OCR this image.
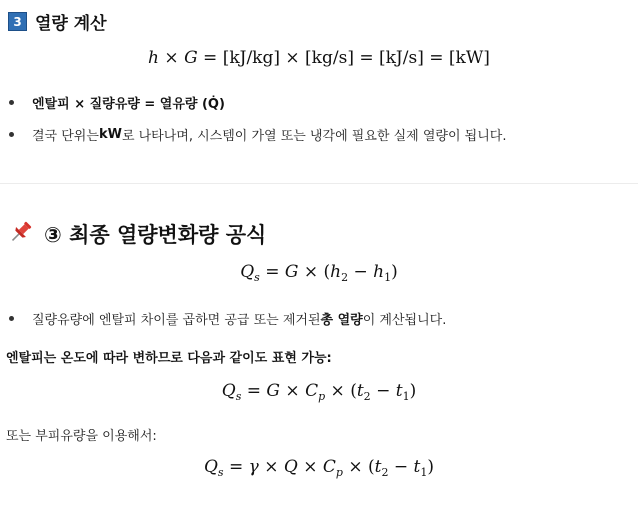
3 열량 계산
h × G = [kJ/kg] × [kg/s] = [kJ/s] = [kW]
엔탈피 × 질량유량 = 열유량 (Q̇)
결국 단위는 kW 로 나타나며, 시스템이 가열 또는 냉각에 필요한 실제 열량이 됩니다.
③ 최종 열량변화량 공식
$Q_s = G \times (h_2 - h_1)$
질량유량에 엔탈피 차이를 곱하면 공급 또는 제거된 총 열량 이 계산됩니다.
엔탈피는 온도에 따라 변하므로 다음과 같이도 표현 가능:
$Q_s = G \times C_p \times (t_2 - t_1)$
또는 부피유량을 이용해서:
$Q_s = \gamma \times Q \times C_p \times (t_2 - t_1)$
